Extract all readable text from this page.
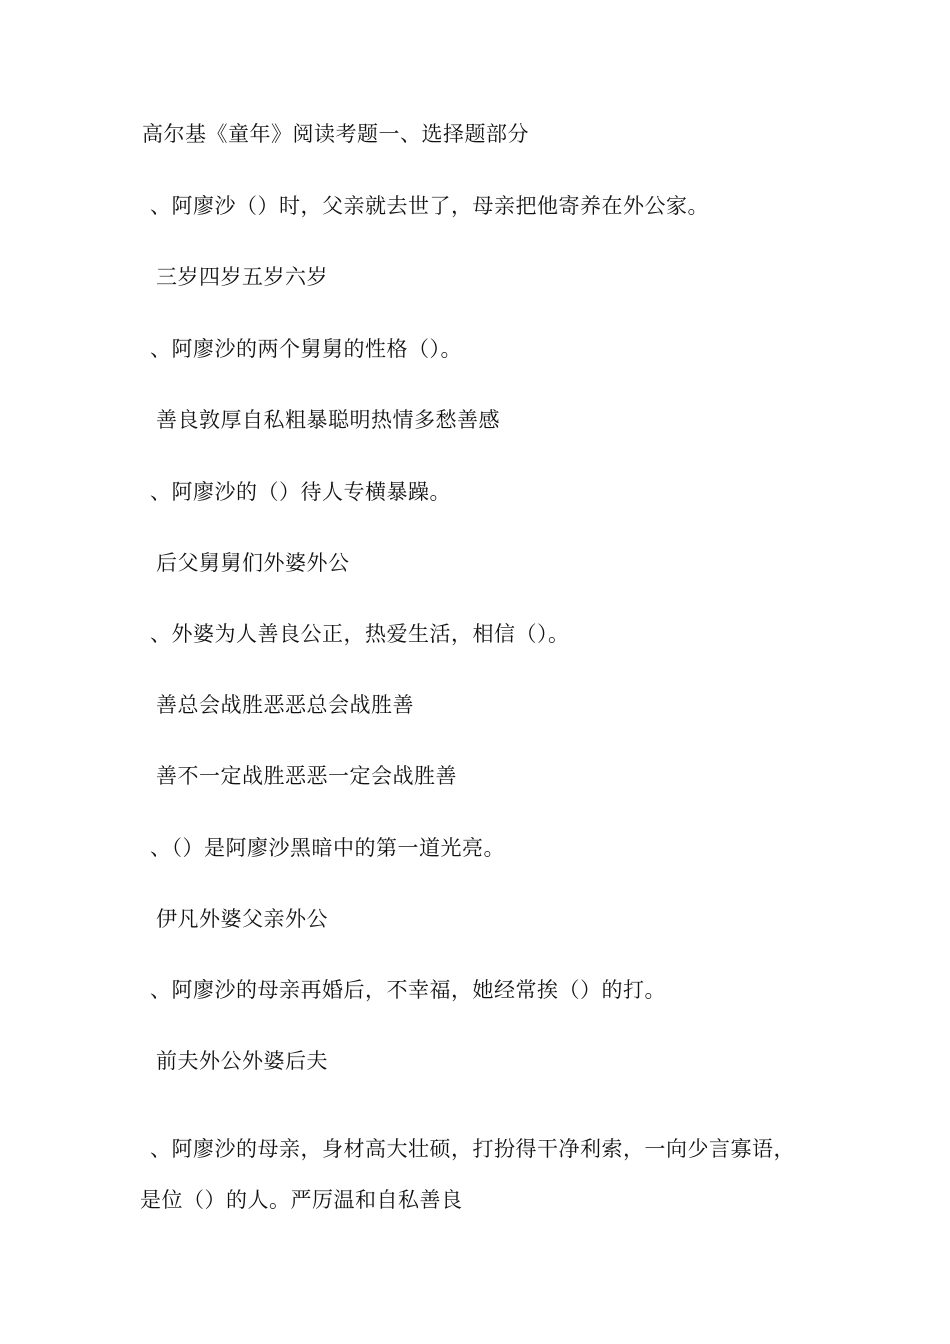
高尔基《童年》阅读考题一、选择题部分
、阿廖沙（）时，父亲就去世了，母亲把他寄养在外公家。
三岁四岁五岁六岁
、阿廖沙的两个舅舅的性格（）。
善良敦厚自私粗暴聪明热情多愁善感
、阿廖沙的（）待人专横暴躁。
后父舅舅们外婆外公
、外婆为人善良公正，热爱生活，相信（）。
善总会战胜恶恶总会战胜善
善不一定战胜恶恶一定会战胜善
、（）是阿廖沙黑暗中的第一道光亮。
伊凡外婆父亲外公
、阿廖沙的母亲再婚后，不幸福，她经常挨（）的打。
前夫外公外婆后夫
、阿廖沙的母亲，身材高大壮硕，打扮得干净利索，一向少言寡语，
是位（）的人。严厉温和自私善良
